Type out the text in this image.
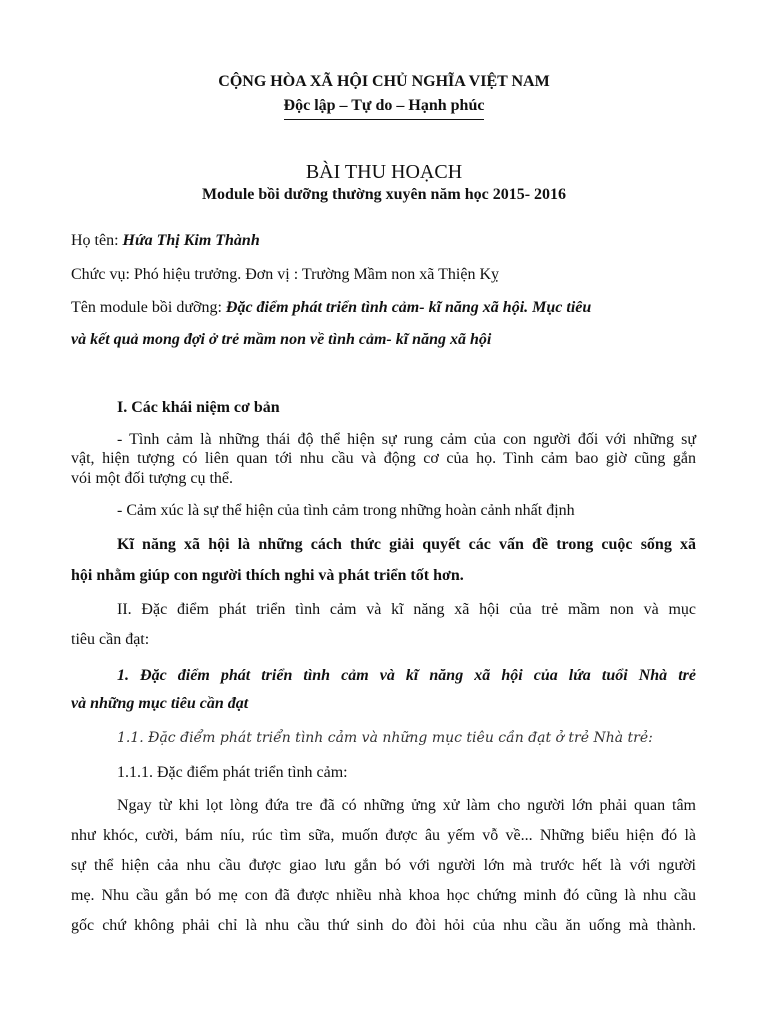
CỘNG HÒA XÃ HỘI CHỦ NGHĨA VIỆT NAM
Độc lập – Tự do – Hạnh phúc
BÀI THU HOẠCH
Module bồi dưỡng thường xuyên năm học 2015- 2016
Họ tên: Hứa Thị Kim Thành
Chức vụ: Phó hiệu trưởng. Đơn vị : Trường Mầm non xã Thiện Kỵ
Tên module bồi dưỡng: Đặc điểm phát triển tình cảm- kĩ năng xã hội. Mục tiêu
và kết quả mong đợi ở trẻ mầm non về tình cảm- kĩ năng xã hội
I. Các khái niệm cơ bản
- Tình cảm là những thái độ thể hiện sự rung cảm của con người đối với những sự
vật, hiện tượng có liên quan tới nhu cầu và động cơ của họ. Tình cảm bao giờ cũng gắn
vói một đối tượng cụ thể.
- Cảm xúc là sự thể hiện của tình cảm trong những hoàn cảnh nhất định
Kĩ năng xã hội là những cách thức giải quyết các vấn đề trong cuộc sống xã
hội nhằm giúp con người thích nghi và phát triển tốt hơn.
II. Đặc điểm phát triển tình cảm và kĩ năng xã hội của trẻ mầm non và mục
tiêu cần đạt:
1. Đặc điểm phát triển tình cảm và kĩ năng xã hội của lứa tuổi Nhà trẻ
và những mục tiêu cần đạt
1.1. Đặc điểm phát triển tình cảm và những mục tiêu cần đạt ở trẻ Nhà trẻ:
1.1.1. Đặc điểm phát triển tình cảm:
Ngay từ khi lọt lòng đứa tre đã có những ửng xử làm cho người lớn phải quan tâm
như khóc, cười, bám níu, rúc tìm sữa, muốn được âu yếm vỗ về... Những biểu hiện đó là
sự thể hiện cảa nhu cầu được giao lưu gắn bó với người lớn mà trước hết là với người
mẹ. Nhu cầu gắn bó mẹ con đã được nhiều nhà khoa học chứng minh đó cũng là nhu cầu
gốc chứ không phải chỉ là nhu cầu thứ sinh do đòi hỏi của nhu cầu ăn uống mà thành.
